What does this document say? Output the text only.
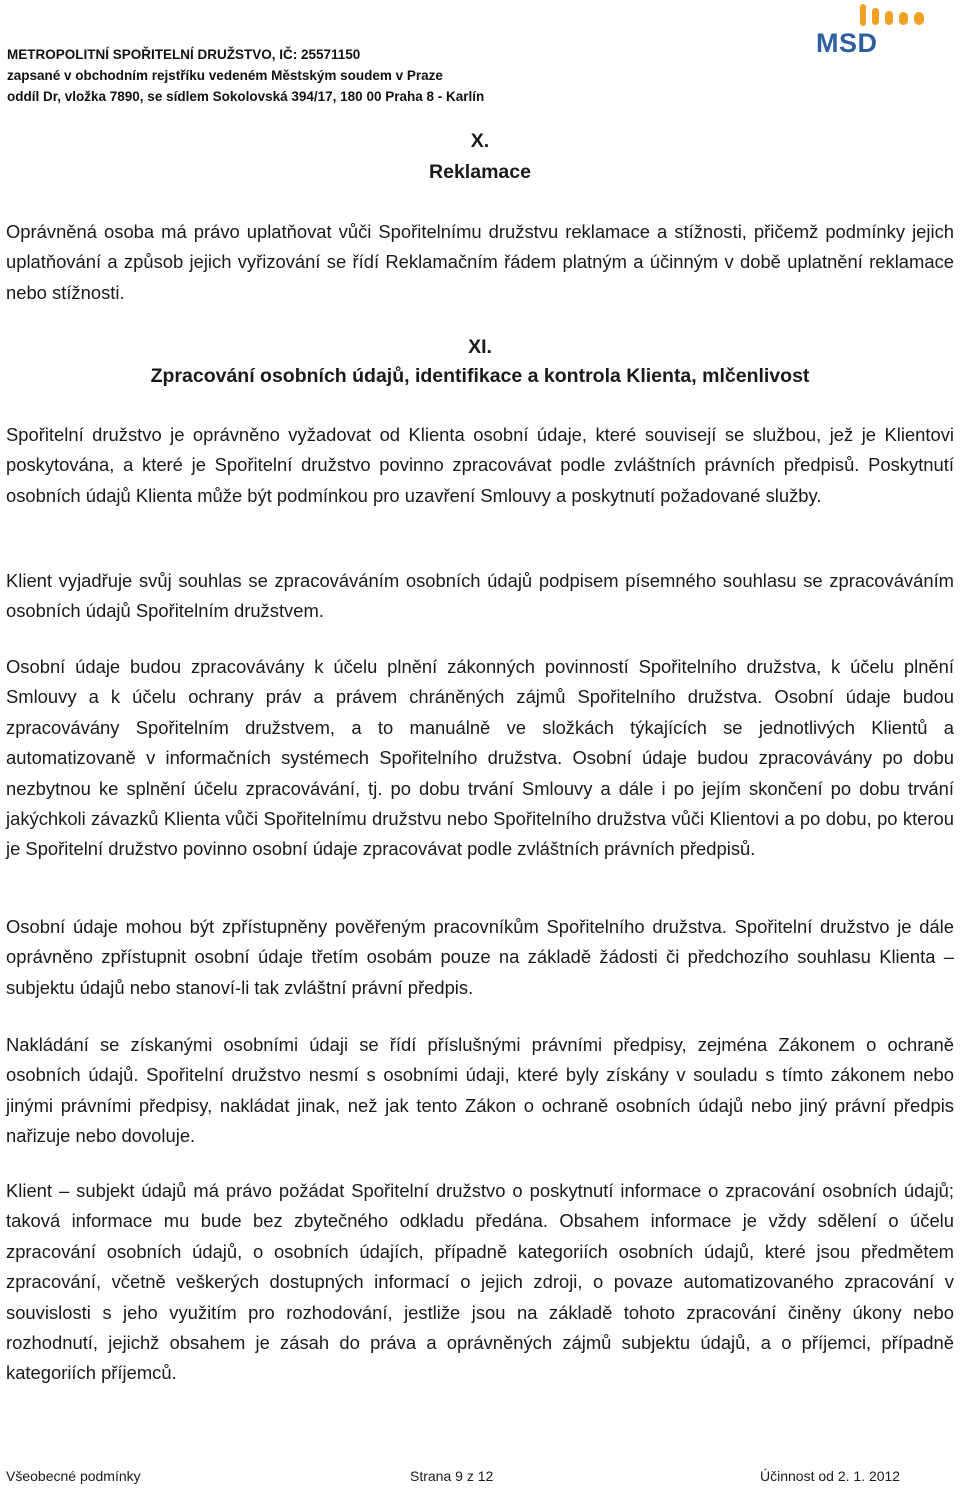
METROPOLITNÍ SPOŘITELNÍ DRUŽSTVO, IČ: 25571150
zapsané v obchodním rejstříku vedeném Městským soudem v Praze
oddíl Dr, vložka 7890, se sídlem Sokolovská 394/17, 180 00 Praha 8 - Karlín
MSD
X.
Reklamace

Oprávněná osoba má právo uplatňovat vůči Spořitelnímu družstvu reklamace a stížnosti, přičemž podmínky jejich uplatňování a způsob jejich vyřizování se řídí Reklamačním řádem platným a účinným v době uplatnění reklamace nebo stížnosti.

XI.
Zpracování osobních údajů, identifikace a kontrola Klienta, mlčenlivost

Spořitelní družstvo je oprávněno vyžadovat od Klienta osobní údaje, které souvisejí se službou, jež je Klientovi poskytována, a které je Spořitelní družstvo povinno zpracovávat podle zvláštních právních předpisů. Poskytnutí osobních údajů Klienta může být podmínkou pro uzavření Smlouvy a poskytnutí požadované služby.

Klient vyjadřuje svůj souhlas se zpracováváním osobních údajů podpisem písemného souhlasu se zpracováváním osobních údajů Spořitelním družstvem.

Osobní údaje budou zpracovávány k účelu plnění zákonných povinností Spořitelního družstva, k účelu plnění Smlouvy a k účelu ochrany práv a právem chráněných zájmů Spořitelního družstva. Osobní údaje budou zpracovávány Spořitelním družstvem, a to manuálně ve složkách týkajících se jednotlivých Klientů a automatizovaně v informačních systémech Spořitelního družstva. Osobní údaje budou zpracovávány po dobu nezbytnou ke splnění účelu zpracovávání, tj. po dobu trvání Smlouvy a dále i po jejím skončení po dobu trvání jakýchkoli závazků Klienta vůči Spořitelnímu družstvu nebo Spořitelního družstva vůči Klientovi a po dobu, po kterou je Spořitelní družstvo povinno osobní údaje zpracovávat podle zvláštních právních předpisů.

Osobní údaje mohou být zpřístupněny pověřeným pracovníkům Spořitelního družstva. Spořitelní družstvo je dále oprávněno zpřístupnit osobní údaje třetím osobám pouze na základě žádosti či předchozího souhlasu Klienta – subjektu údajů nebo stanoví-li tak zvláštní právní předpis.

Nakládání se získanými osobními údaji se řídí příslušnými právními předpisy, zejména Zákonem o ochraně osobních údajů. Spořitelní družstvo nesmí s osobními údaji, které byly získány v souladu s tímto zákonem nebo jinými právními předpisy, nakládat jinak, než jak tento Zákon o ochraně osobních údajů nebo jiný právní předpis nařizuje nebo dovoluje.

Klient – subjekt údajů má právo požádat Spořitelní družstvo o poskytnutí informace o zpracování osobních údajů; taková informace mu bude bez zbytečného odkladu předána. Obsahem informace je vždy sdělení o účelu zpracování osobních údajů, o osobních údajích, případně kategoriích osobních údajů, které jsou předmětem zpracování, včetně veškerých dostupných informací o jejich zdroji, o povaze automatizovaného zpracování v souvislosti s jeho využitím pro rozhodování, jestliže jsou na základě tohoto zpracování činěny úkony nebo rozhodnutí, jejichž obsahem je zásah do práva a oprávněných zájmů subjektu údajů, a o příjemci, případně kategoriích příjemců.

Všeobecné podmínky	Strana 9 z 12	Účinnost od 2. 1. 2012
